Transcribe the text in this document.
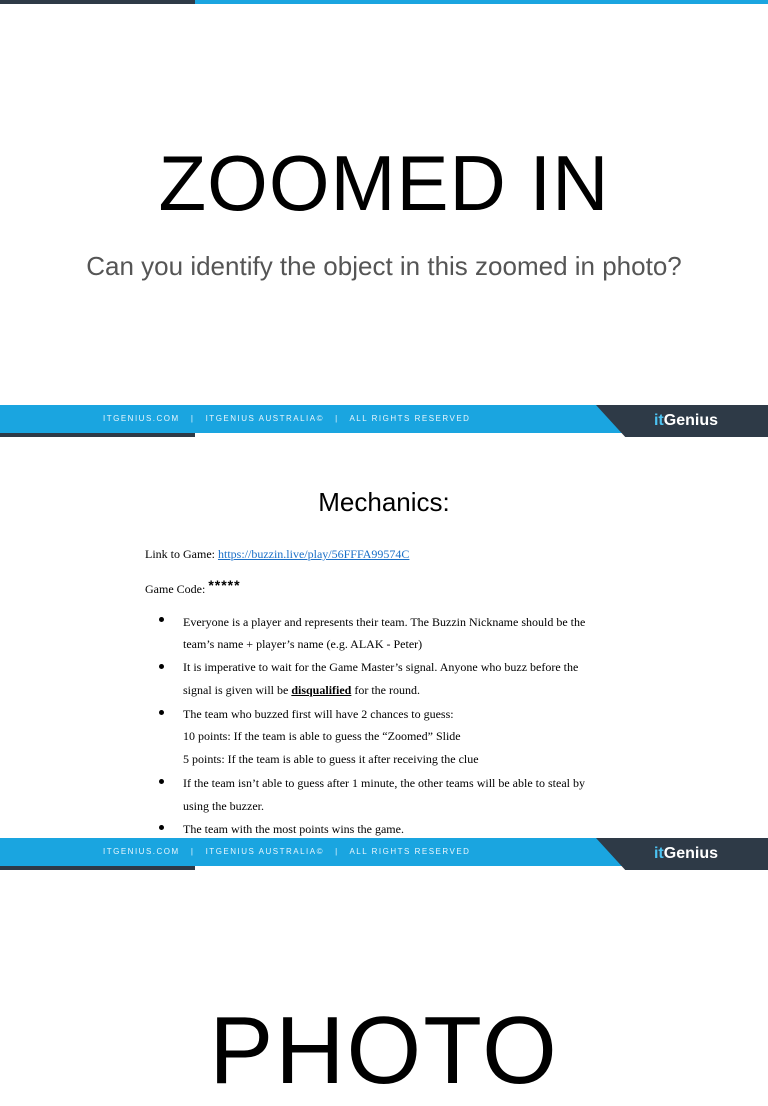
ZOOMED IN
Can you identify the object in this zoomed in photo?
ITGENIUS.COM   |   ITGENIUS AUSTRALIA©   |   ALL RIGHTS RESERVED	itGenius
Mechanics:
Link to Game: https://buzzin.live/play/56FFFA99574C
Game Code: *****
Everyone is a player and represents their team. The Buzzin Nickname should be the
team’s name + player’s name (e.g. ALAK - Peter)
It is imperative to wait for the Game Master’s signal. Anyone who buzz before the
signal is given will be disqualified for the round.
The team who buzzed first will have 2 chances to guess:
10 points: If the team is able to guess the “Zoomed” Slide
5 points: If the team is able to guess it after receiving the clue
If the team isn’t able to guess after 1 minute, the other teams will be able to steal by
using the buzzer.
The team with the most points wins the game.
ITGENIUS.COM   |   ITGENIUS AUSTRALIA©   |   ALL RIGHTS RESERVED	itGenius
PHOTO
